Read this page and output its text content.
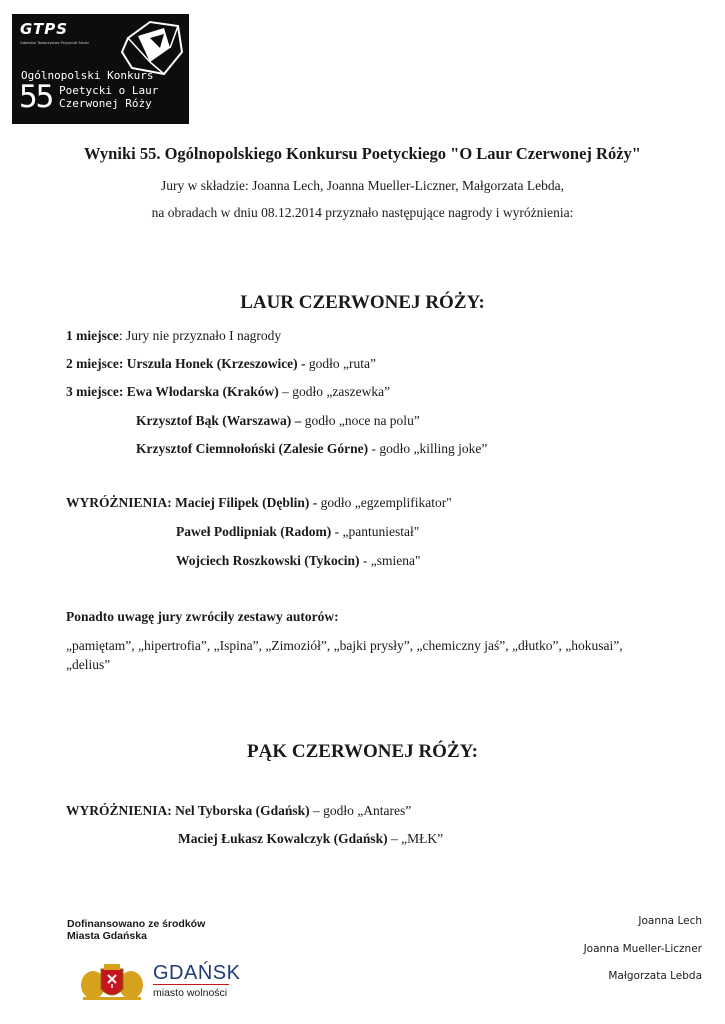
GTPS
Gdańskie Towarzystwo Przyjaciół Sztuki
Ogólnopolski Konkurs
55 Poetycki o Laur
Czerwonej Róży
Wyniki 55. Ogólnopolskiego Konkursu Poetyckiego "O Laur Czerwonej Róży"
Jury w składzie: Joanna Lech, Joanna Mueller-Liczner, Małgorzata Lebda,
na obradach w dniu 08.12.2014 przyznało następujące nagrody i wyróżnienia:
LAUR CZERWONEJ RÓŻY:
1 miejsce: Jury nie przyznało I nagrody
2 miejsce: Urszula Honek (Krzeszowice) - godło „ruta”
3 miejsce: Ewa Włodarska (Kraków) – godło „zaszewka”
Krzysztof Bąk (Warszawa) – godło „noce na polu”
Krzysztof Ciemnołoński (Zalesie Górne) - godło „killing joke”
WYRÓŻNIENIA: Maciej Filipek (Dęblin) - godło „egzemplifikator"
Paweł Podlipniak (Radom) - „pantuniestał"
Wojciech Roszkowski (Tykocin) - „smiena"
Ponadto uwagę jury zwróciły zestawy autorów:
„pamiętam”, „hipertrofia”, „Ispina”, „Zimoziół”, „bajki prysły”, „chemiczny jaś”, „dłutko”, „hokusai”,
„delius”
PĄK CZERWONEJ RÓŻY:
WYRÓŻNIENIA: Nel Tyborska (Gdańsk) – godło „Antares”
Maciej Łukasz Kowalczyk (Gdańsk) – „MŁK”
Dofinansowano ze środków
Miasta Gdańska
GDAŃSK
miasto wolności
Joanna Lech
Joanna Mueller-Liczner
Małgorzata Lebda
